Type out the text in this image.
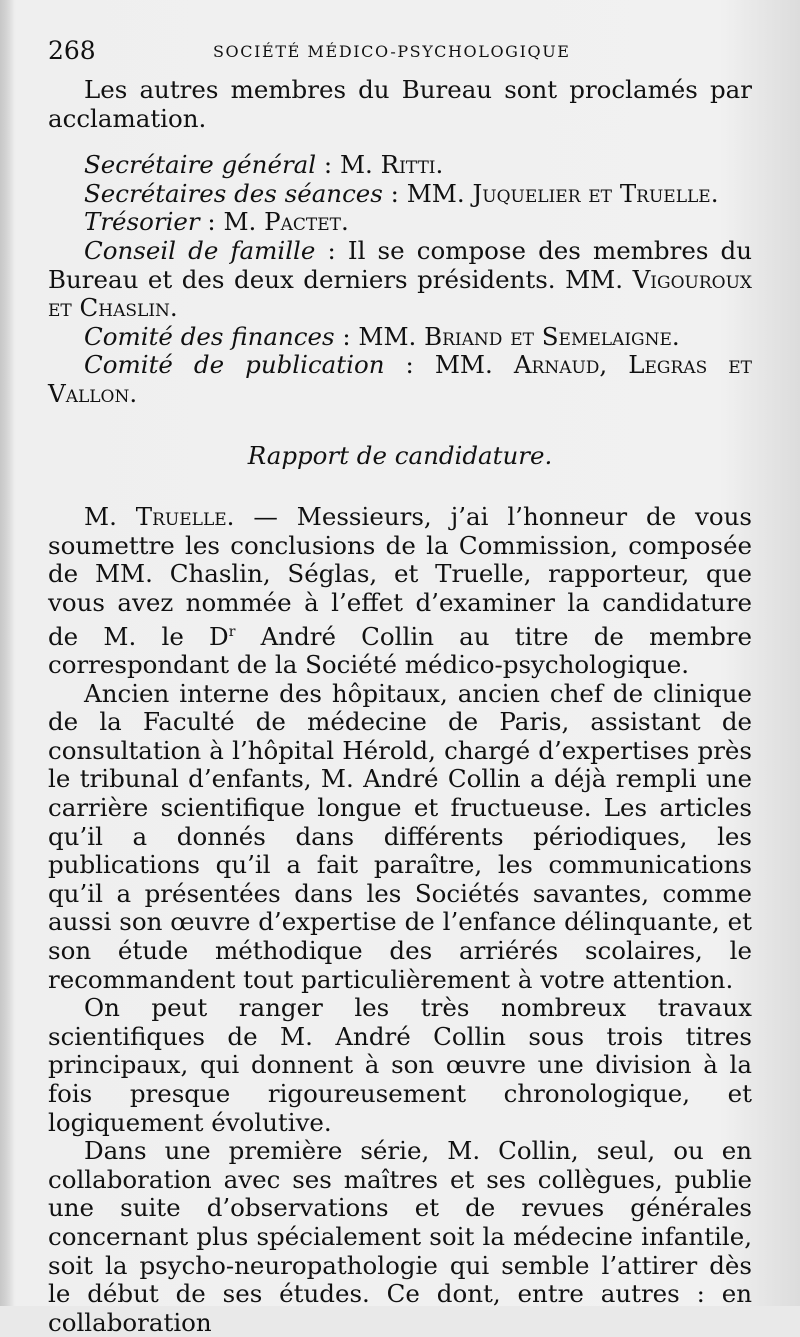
268	SOCIÉTÉ MÉDICO-PSYCHOLOGIQUE

Les autres membres du Bureau sont proclamés par acclamation.

Secrétaire général : M. Ritti.

Secrétaires des séances : MM. Juquelier et Truelle.

Trésorier : M. Pactet.

Conseil de famille : Il se compose des membres du Bureau et des deux derniers présidents. MM. Vigouroux et Chaslin.

Comité des finances : MM. Briand et Semelaigne.

Comité de publication : MM. Arnaud, Legras et Vallon.

Rapport de candidature.

M. Truelle. — Messieurs, j’ai l’honneur de vous soumettre les conclusions de la Commission, composée de MM. Chaslin, Séglas, et Truelle, rapporteur, que vous avez nommée à l’effet d’examiner la candidature de M. le $D^r$ André Collin au titre de membre correspondant de la Société médico-psychologique.

Ancien interne des hôpitaux, ancien chef de clinique de la Faculté de médecine de Paris, assistant de consultation à l’hôpital Hérold, chargé d’expertises près le tribunal d’enfants, M. André Collin a déjà rempli une carrière scientifique longue et fructueuse. Les articles qu’il a donnés dans différents périodiques, les publications qu’il a fait paraître, les communications qu’il a présentées dans les Sociétés savantes, comme aussi son œuvre d’expertise de l’enfance délinquante, et son étude méthodique des arriérés scolaires, le recommandent tout particulièrement à votre attention.

On peut ranger les très nombreux travaux scientifiques de M. André Collin sous trois titres principaux, qui donnent à son œuvre une division à la fois presque rigoureusement chronologique, et logiquement évolutive.

Dans une première série, M. Collin, seul, ou en collaboration avec ses maîtres et ses collègues, publie une suite d’observations et de revues générales concernant plus spécialement soit la médecine infantile, soit la psycho-neuropathologie qui semble l’attirer dès le début de ses études. Ce dont, entre autres : en collaboration
